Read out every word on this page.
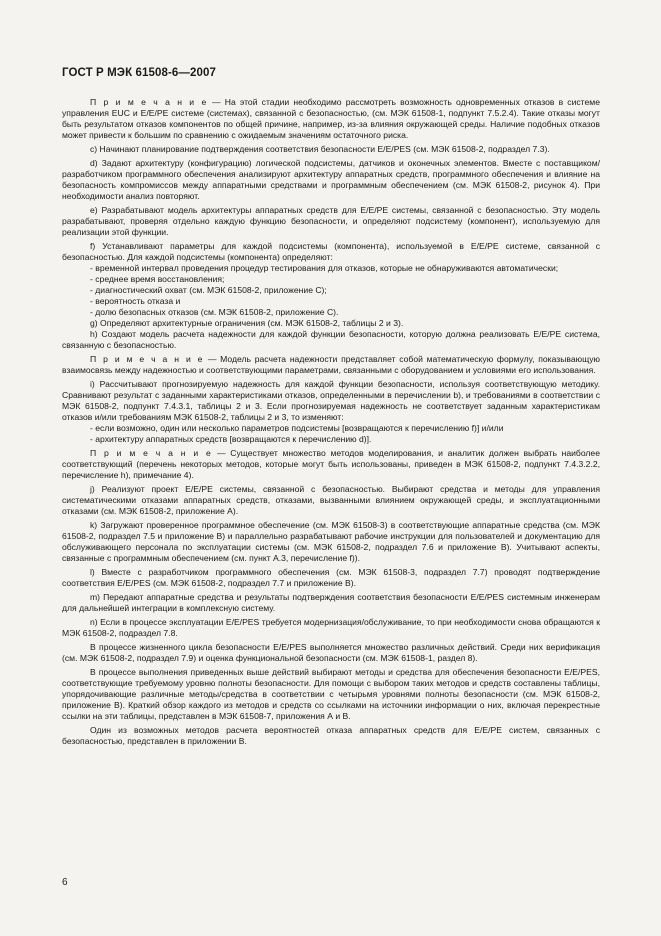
ГОСТ Р МЭК 61508-6—2007

П р и м е ч а н и е — На этой стадии необходимо рассмотреть возможность одновременных отказов в системе управления EUC и E/E/PE системе (системах), связанной с безопасностью, (см. МЭК 61508-1, подпункт 7.5.2.4). Такие отказы могут быть результатом отказов компонентов по общей причине, например, из-за влияния окружающей среды. Наличие подобных отказов может привести к большим по сравнению с ожидаемым значениям остаточного риска.

с) Начинают планирование подтверждения соответствия безопасности E/E/PES (см. МЭК 61508-2, подраздел 7.3).

d) Задают архитектуру (конфигурацию) логической подсистемы, датчиков и оконечных элементов. Вместе с поставщиком/разработчиком программного обеспечения анализируют архитектуру аппаратных средств, программного обеспечения и влияние на безопасность компромиссов между аппаратными средствами и программным обеспечением (см. МЭК 61508-2, рисунок 4). При необходимости анализ повторяют.

е) Разрабатывают модель архитектуры аппаратных средств для E/E/PE системы, связанной с безопасностью. Эту модель разрабатывают, проверяя отдельно каждую функцию безопасности, и определяют подсистему (компонент), используемую для реализации этой функции.

f) Устанавливают параметры для каждой подсистемы (компонента), используемой в E/E/PE системе, связанной с безопасностью. Для каждой подсистемы (компонента) определяют:

- временной интервал проведения процедур тестирования для отказов, которые не обнаруживаются автоматически;

- среднее время восстановления;

- диагностический охват (см. МЭК 61508-2, приложение С);

- вероятность отказа и

- долю безопасных отказов (см. МЭК 61508-2, приложение С).

g) Определяют архитектурные ограничения (см. МЭК 61508-2, таблицы 2 и 3).

h) Создают модель расчета надежности для каждой функции безопасности, которую должна реализовать E/E/PE система, связанную с безопасностью.

П р и м е ч а н и е — Модель расчета надежности представляет собой математическую формулу, показывающую взаимосвязь между надежностью и соответствующими параметрами, связанными с оборудованием и условиями его использования.

i) Рассчитывают прогнозируемую надежность для каждой функции безопасности, используя соответствующую методику. Сравнивают результат с заданными характеристиками отказов, определенными в перечислении b), и требованиями в соответствии с МЭК 61508-2, подпункт 7.4.3.1, таблицы 2 и 3. Если прогнозируемая надежность не соответствует заданным характеристикам отказов и/или требованиям МЭК 61508-2, таблицы 2 и 3, то изменяют:

- если возможно, один или несколько параметров подсистемы [возвращаются к перечислению f)] и/или

- архитектуру аппаратных средств [возвращаются к перечислению d)].

П р и м е ч а н и е — Существует множество методов моделирования, и аналитик должен выбрать наиболее соответствующий (перечень некоторых методов, которые могут быть использованы, приведен в МЭК 61508-2, подпункт 7.4.3.2.2, перечисление h), примечание 4).

j) Реализуют проект E/E/PE системы, связанной с безопасностью. Выбирают средства и методы для управления систематическими отказами аппаратных средств, отказами, вызванными влиянием окружающей среды, и эксплуатационными отказами (см. МЭК 61508-2, приложение А).

k) Загружают проверенное программное обеспечение (см. МЭК 61508-3) в соответствующие аппаратные средства (см. МЭК 61508-2, подраздел 7.5 и приложение В) и параллельно разрабатывают рабочие инструкции для пользователей и документацию для обслуживающего персонала по эксплуатации системы (см. МЭК 61508-2, подраздел 7.6 и приложение В). Учитывают аспекты, связанные с программным обеспечением (см. пункт А.3, перечисление f)).

l) Вместе с разработчиком программного обеспечения (см. МЭК 61508-3, подраздел 7.7) проводят подтверждение соответствия E/E/PES (см. МЭК 61508-2, подраздел 7.7 и приложение В).

m) Передают аппаратные средства и результаты подтверждения соответствия безопасности E/E/PES системным инженерам для дальнейшей интеграции в комплексную систему.

n) Если в процессе эксплуатации E/E/PES требуется модернизация/обслуживание, то при необходимости снова обращаются к МЭК 61508-2, подраздел 7.8.

В процессе жизненного цикла безопасности E/E/PES выполняется множество различных действий. Среди них верификация (см. МЭК 61508-2, подраздел 7.9) и оценка функциональной безопасности (см. МЭК 61508-1, раздел 8).

В процессе выполнения приведенных выше действий выбирают методы и средства для обеспечения безопасности E/E/PES, соответствующие требуемому уровню полноты безопасности. Для помощи с выбором таких методов и средств составлены таблицы, упорядочивающие различные методы/средства в соответствии с четырьмя уровнями полноты безопасности (см. МЭК 61508-2, приложение В). Краткий обзор каждого из методов и средств со ссылками на источники информации о них, включая перекрестные ссылки на эти таблицы, представлен в МЭК 61508-7, приложения А и В.

Один из возможных методов расчета вероятностей отказа аппаратных средств для E/E/PE систем, связанных с безопасностью, представлен в приложении В.

6
